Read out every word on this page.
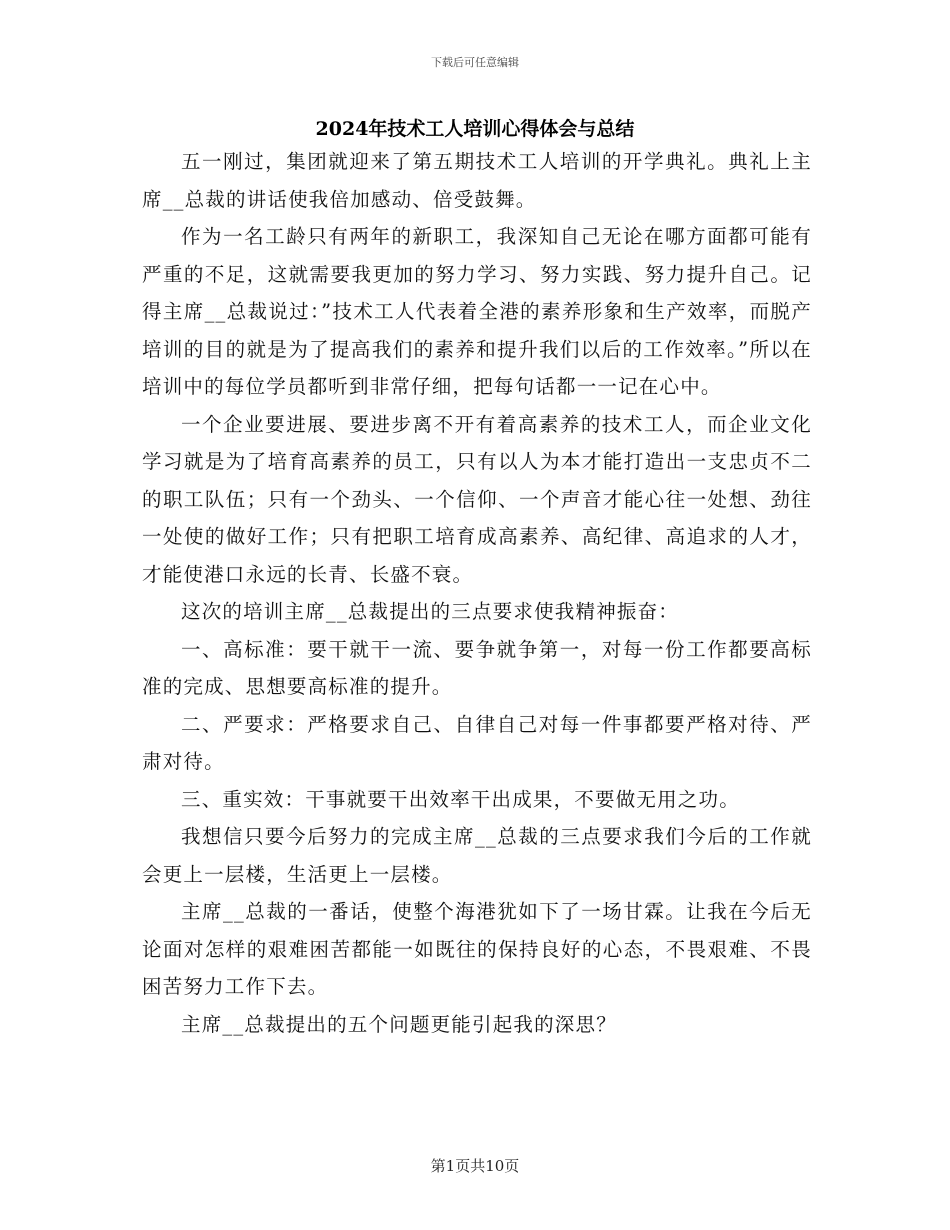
下载后可任意编辑
2024年技术工人培训心得体会与总结

五一刚过，集团就迎来了第五期技术工人培训的开学典礼。典礼上主席__总裁的讲话使我倍加感动、倍受鼓舞。

作为一名工龄只有两年的新职工，我深知自己无论在哪方面都可能有严重的不足，这就需要我更加的努力学习、努力实践、努力提升自己。记得主席__总裁说过：”技术工人代表着全港的素养形象和生产效率，而脱产培训的目的就是为了提高我们的素养和提升我们以后的工作效率。”所以在培训中的每位学员都听到非常仔细，把每句话都一一记在心中。

一个企业要进展、要进步离不开有着高素养的技术工人，而企业文化学习就是为了培育高素养的员工，只有以人为本才能打造出一支忠贞不二的职工队伍；只有一个劲头、一个信仰、一个声音才能心往一处想、劲往一处使的做好工作；只有把职工培育成高素养、高纪律、高追求的人才，才能使港口永远的长青、长盛不衰。

这次的培训主席__总裁提出的三点要求使我精神振奋：

一、高标准：要干就干一流、要争就争第一，对每一份工作都要高标准的完成、思想要高标准的提升。

二、严要求：严格要求自己、自律自己对每一件事都要严格对待、严肃对待。

三、重实效：干事就要干出效率干出成果，不要做无用之功。

我想信只要今后努力的完成主席__总裁的三点要求我们今后的工作就会更上一层楼，生活更上一层楼。

主席__总裁的一番话，使整个海港犹如下了一场甘霖。让我在今后无论面对怎样的艰难困苦都能一如既往的保持良好的心态，不畏艰难、不畏困苦努力工作下去。

主席__总裁提出的五个问题更能引起我的深思？

第1页共10页
